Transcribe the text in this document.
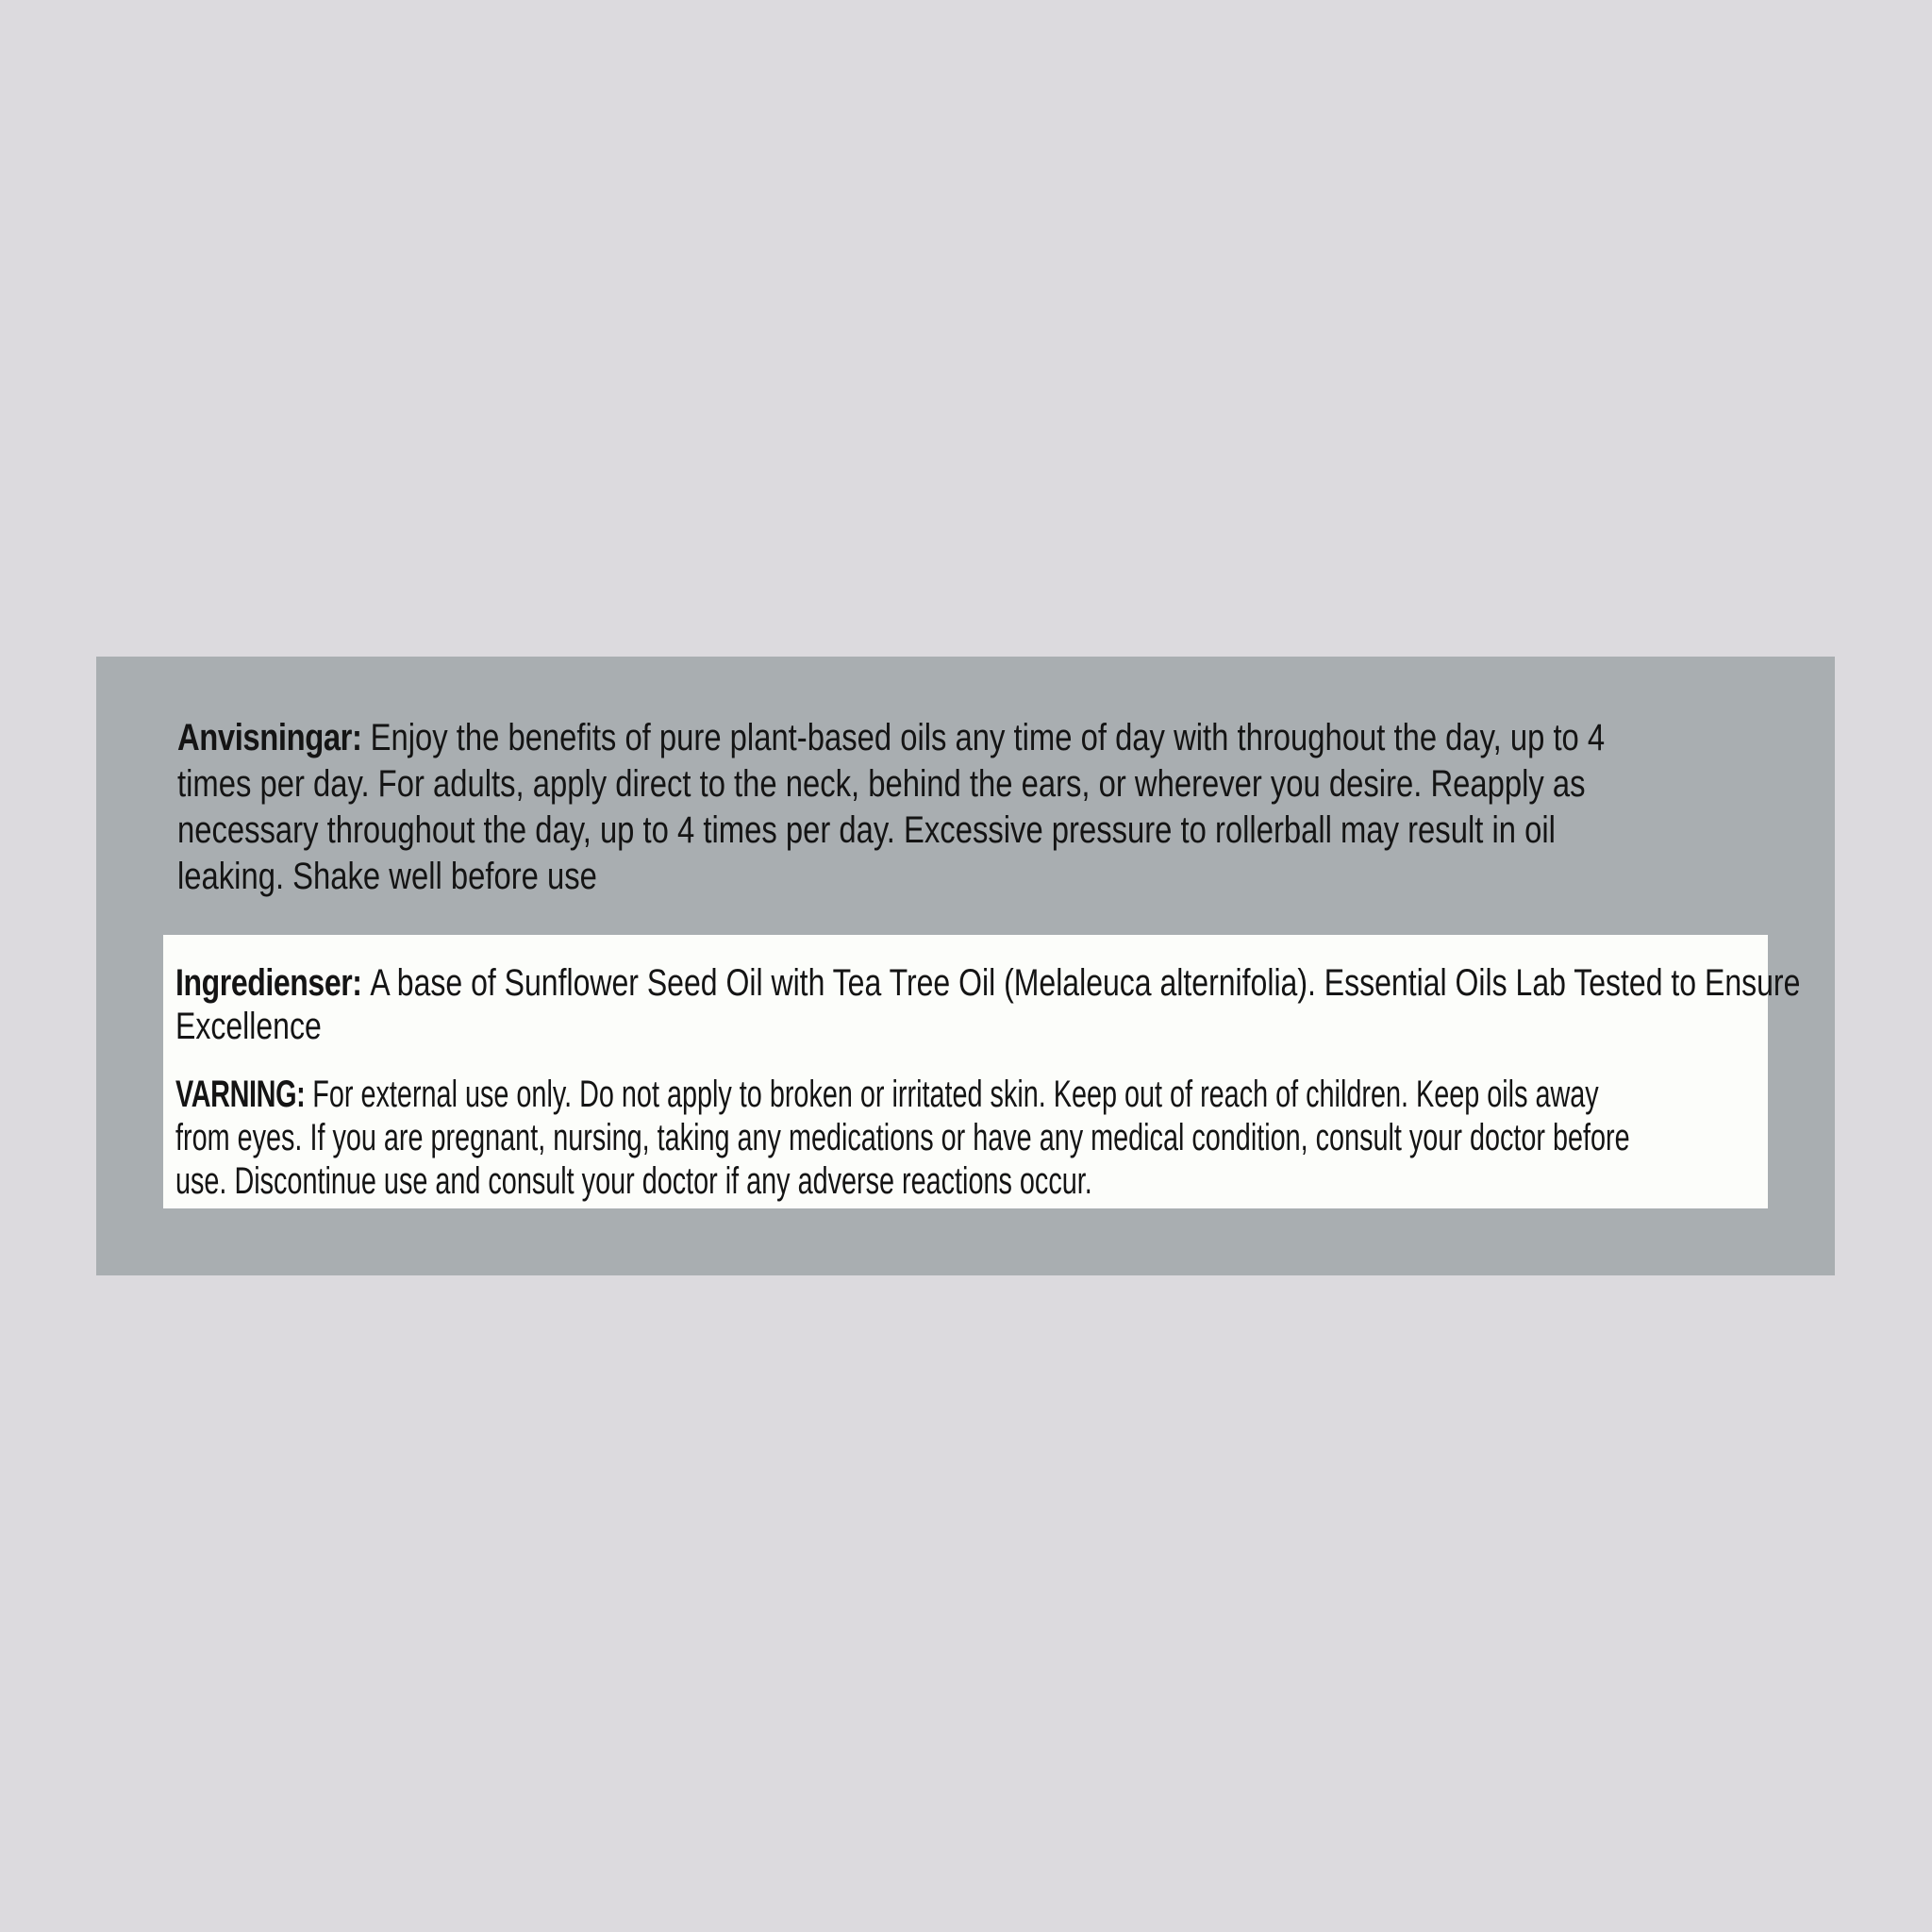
Anvisningar: Enjoy the benefits of pure plant-based oils any time of day with throughout the day, up to 4
times per day. For adults, apply direct to the neck, behind the ears, or wherever you desire. Reapply as
necessary throughout the day, up to 4 times per day. Excessive pressure to rollerball may result in oil
leaking. Shake well before use
Ingredienser: A base of Sunflower Seed Oil with Tea Tree Oil (Melaleuca alternifolia). Essential Oils Lab Tested to Ensure
Excellence
VARNING: For external use only. Do not apply to broken or irritated skin. Keep out of reach of children. Keep oils away
from eyes. If you are pregnant, nursing, taking any medications or have any medical condition, consult your doctor before
use. Discontinue use and consult your doctor if any adverse reactions occur.
